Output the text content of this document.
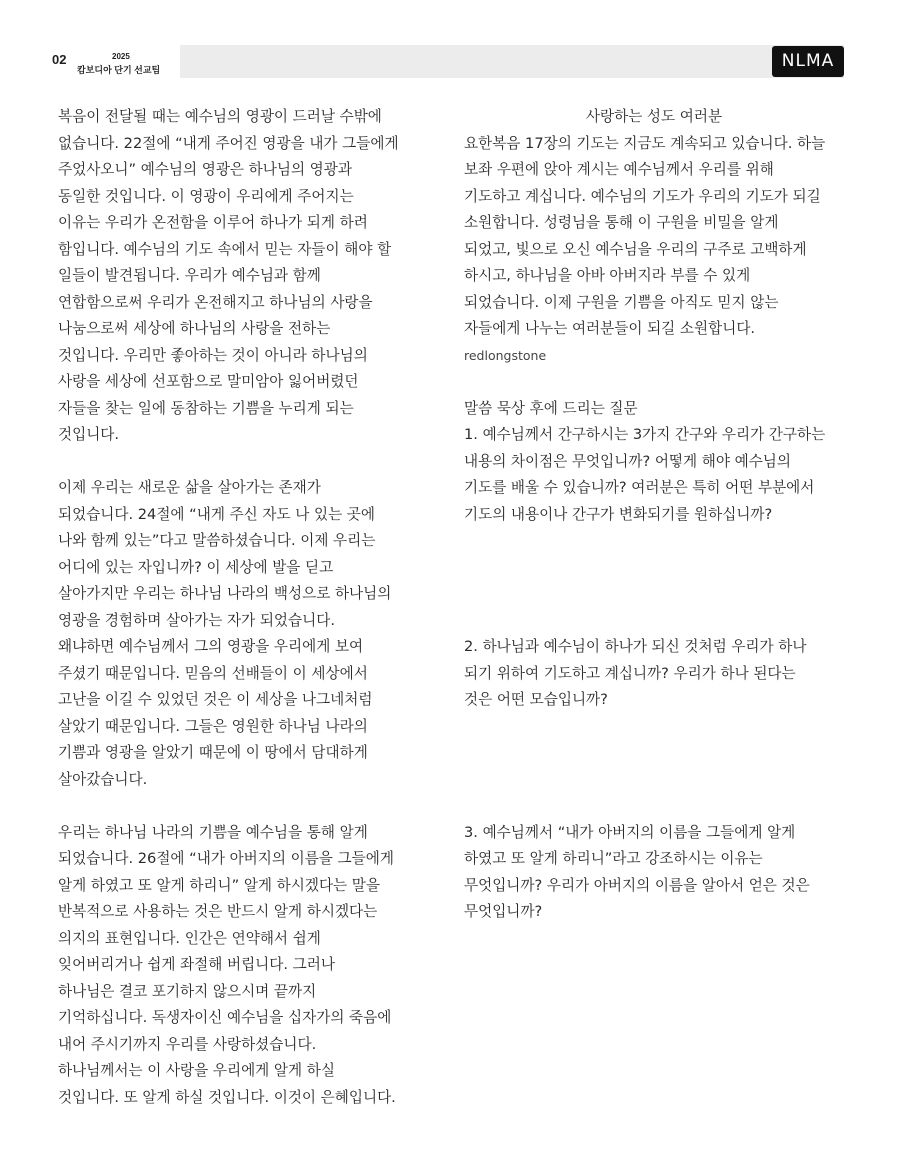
02	2025
캄보디아 단기 선교팀	NLMA

복음이 전달될 때는 예수님의 영광이 드러날 수밖에

없습니다. 22절에 “내게 주어진 영광을 내가 그들에게

주었사오니” 예수님의 영광은 하나님의 영광과

동일한 것입니다. 이 영광이 우리에게 주어지는

이유는 우리가 온전함을 이루어 하나가 되게 하려

함입니다. 예수님의 기도 속에서 믿는 자들이 해야 할

일들이 발견됩니다. 우리가 예수님과 함께

연합함으로써 우리가 온전해지고 하나님의 사랑을

나눔으로써 세상에 하나님의 사랑을 전하는

것입니다. 우리만 좋아하는 것이 아니라 하나님의

사랑을 세상에 선포함으로 말미암아 잃어버렸던

자들을 찾는 일에 동참하는 기쁨을 누리게 되는

것입니다.

이제 우리는 새로운 삶을 살아가는 존재가

되었습니다. 24절에 “내게 주신 자도 나 있는 곳에

나와 함께 있는”다고 말씀하셨습니다. 이제 우리는

어디에 있는 자입니까? 이 세상에 발을 딛고

살아가지만 우리는 하나님 나라의 백성으로 하나님의

영광을 경험하며 살아가는 자가 되었습니다.

왜냐하면 예수님께서 그의 영광을 우리에게 보여

주셨기 때문입니다. 믿음의 선배들이 이 세상에서

고난을 이길 수 있었던 것은 이 세상을 나그네처럼

살았기 때문입니다. 그들은 영원한 하나님 나라의

기쁨과 영광을 알았기 때문에 이 땅에서 담대하게

살아갔습니다.

우리는 하나님 나라의 기쁨을 예수님을 통해 알게

되었습니다. 26절에 “내가 아버지의 이름을 그들에게

알게 하였고 또 알게 하리니” 알게 하시겠다는 말을

반복적으로 사용하는 것은 반드시 알게 하시겠다는

의지의 표현입니다. 인간은 연약해서 쉽게

잊어버리거나 쉽게 좌절해 버립니다. 그러나

하나님은 결코 포기하지 않으시며 끝까지

기억하십니다. 독생자이신 예수님을 십자가의 죽음에

내어 주시기까지 우리를 사랑하셨습니다.

하나님께서는 이 사랑을 우리에게 알게 하실

것입니다. 또 알게 하실 것입니다. 이것이 은혜입니다.

사랑하는 성도 여러분

요한복음 17장의 기도는 지금도 계속되고 있습니다. 하늘

보좌 우편에 앉아 계시는 예수님께서 우리를 위해

기도하고 계십니다. 예수님의 기도가 우리의 기도가 되길

소원합니다. 성령님을 통해 이 구원을 비밀을 알게

되었고, 빛으로 오신 예수님을 우리의 구주로 고백하게

하시고, 하나님을 아바 아버지라 부를 수 있게

되었습니다. 이제 구원을 기쁨을 아직도 믿지 않는

자들에게 나누는 여러분들이 되길 소원합니다.

redlongstone

말씀 묵상 후에 드리는 질문

1. 예수님께서 간구하시는 3가지 간구와 우리가 간구하는

내용의 차이점은 무엇입니까? 어떻게 해야 예수님의

기도를 배울 수 있습니까? 여러분은 특히 어떤 부분에서

기도의 내용이나 간구가 변화되기를 원하십니까?

2. 하나님과 예수님이 하나가 되신 것처럼 우리가 하나

되기 위하여 기도하고 계십니까? 우리가 하나 된다는

것은 어떤 모습입니까?

3. 예수님께서 “내가 아버지의 이름을 그들에게 알게

하였고 또 알게 하리니”라고 강조하시는 이유는

무엇입니까? 우리가 아버지의 이름을 알아서 얻은 것은

무엇입니까?
